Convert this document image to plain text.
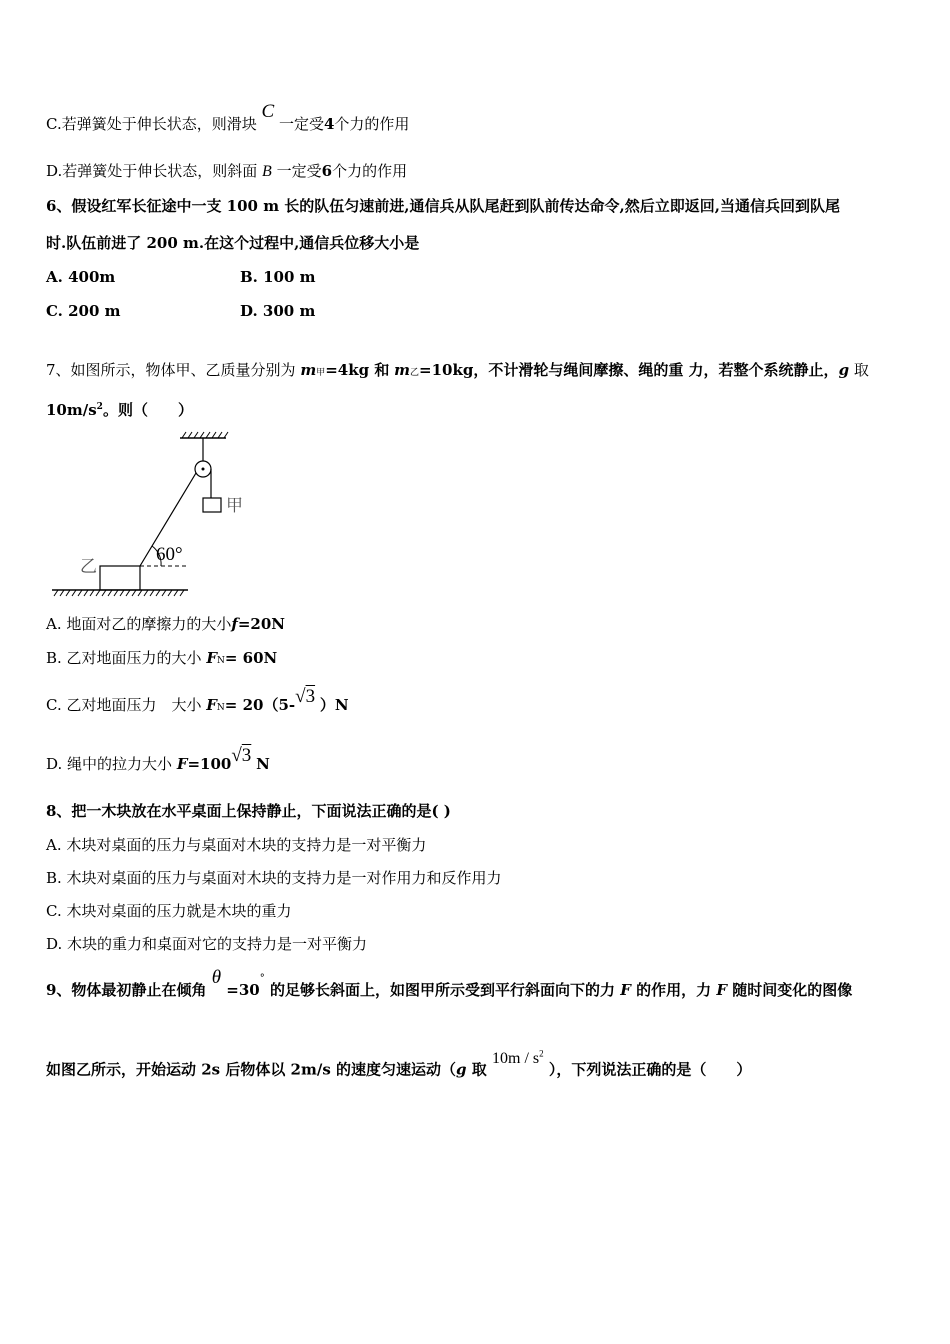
C.若弹簧处于伸长状态，则滑块 C 一定受4个力的作用
D.若弹簧处于伸长状态，则斜面 B 一定受6个力的作用
6、假设红军长征途中一支 100 m 长的队伍匀速前进,通信兵从队尾赶到队前传达命令,然后立即返回,当通信兵回到队尾
时.队伍前进了 200 m.在这个过程中,通信兵位移大小是
A. 400m	B. 100 m
C. 200 m	D. 300 m
7、如图所示，物体甲、乙质量分别为 m甲=4kg 和 m乙=10kg，不计滑轮与绳间摩擦、绳的重 力，若整个系统静止，g 取
$10m/s^2$。则（　　）
甲
60°
乙
A. 地面对乙的摩擦力的大小f=20N
B. 乙对地面压力的大小 FN= 60N
C. 乙对地面压力　大小 FN= 20（5-√3 ）N
D. 绳中的拉力大小 F=100√3 N
8、把一木块放在水平桌面上保持静止，下面说法正确的是( )
A. 木块对桌面的压力与桌面对木块的支持力是一对平衡力
B. 木块对桌面的压力与桌面对木块的支持力是一对作用力和反作用力
C. 木块对桌面的压力就是木块的重力
D. 木块的重力和桌面对它的支持力是一对平衡力
9、物体最初静止在倾角 θ =30° 的足够长斜面上，如图甲所示受到平行斜面向下的力 F 的作用，力 F 随时间变化的图像
如图乙所示，开始运动 2s 后物体以 2m/s 的速度匀速运动（g 取 $10m / s^2$ ），下列说法正确的是（　　）
